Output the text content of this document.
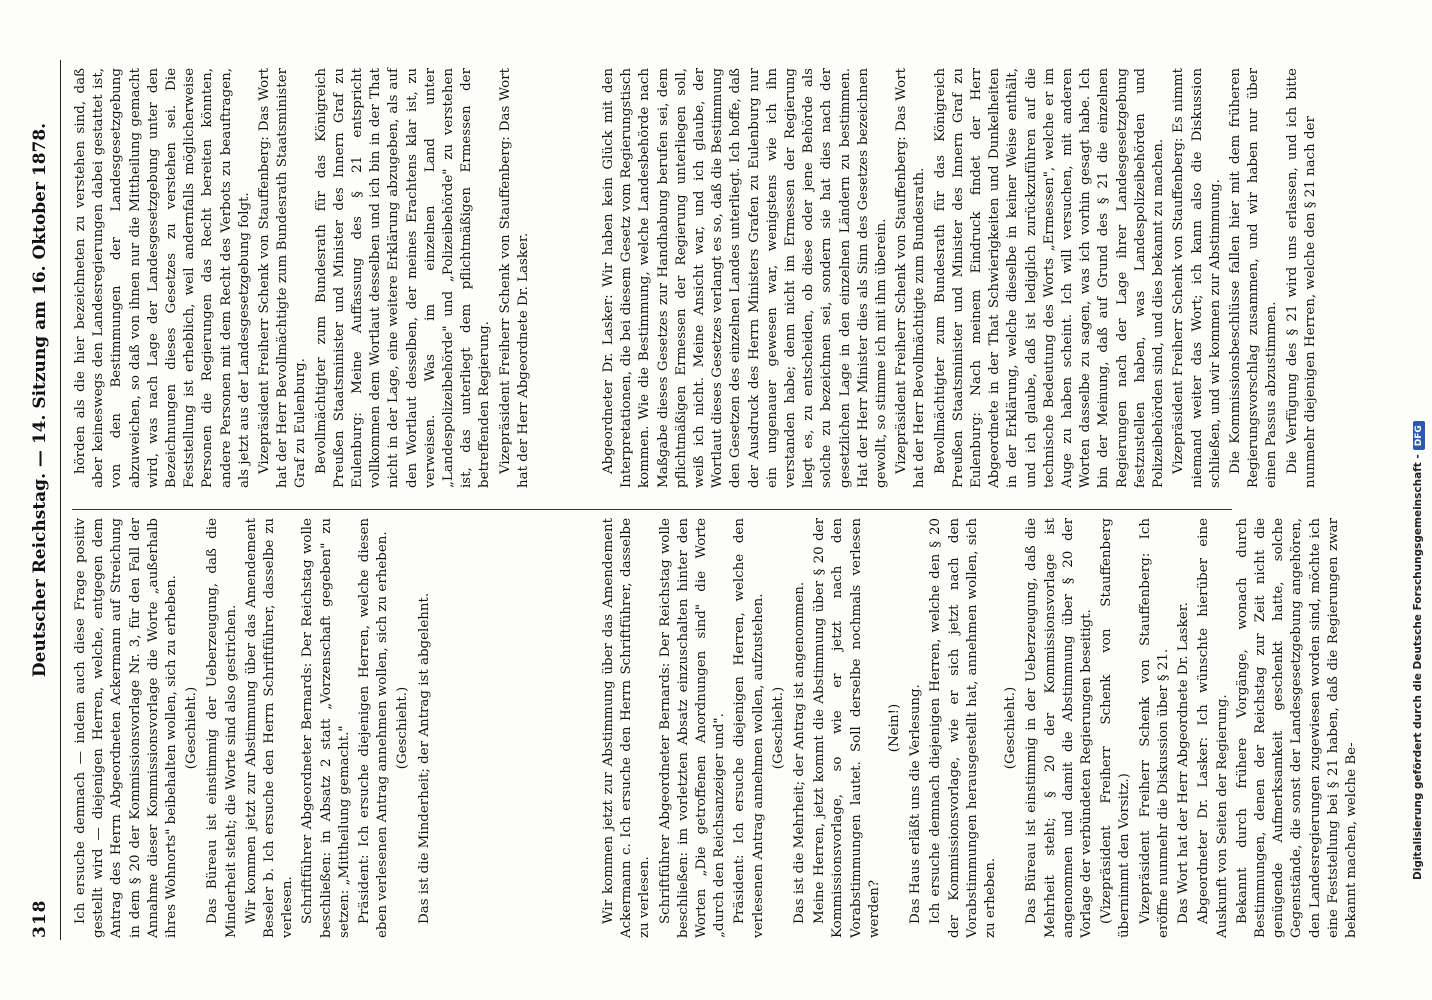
318
Deutscher Reichstag. — 14. Sitzung am 16. Oktober 1878.

Ich ersuche demnach — indem auch diese Frage positiv gestellt wird — diejenigen Herren, welche, entgegen dem Antrag des Herrn Abgeordneten Ackermann auf Streichung in dem § 20 der Kommissionsvorlage Nr. 3, für den Fall der Annahme dieser Kommissionsvorlage die Worte „außerhalb ihres Wohnorts" beibehalten wollen, sich zu erheben. (Geschieht.) Das Büreau ist einstimmig der Ueberzeugung, daß die Minderheit steht; die Worte sind also gestrichen. Wir kommen jetzt zur Abstimmung über das Amendement Beseler b. Ich ersuche den Herrn Schriftführer, dasselbe zu verlesen. Schriftführer Abgeordneter Bernards: Der Reichstag wolle beschließen: in Absatz 2 statt „Vorzenschaft gegeben" zu setzen: „Mittheilung gemacht." Präsident: Ich ersuche diejenigen Herren, welche diesen eben verlesenen Antrag annehmen wollen, sich zu erheben. (Geschieht.) Das ist die Minderheit; der Antrag ist abgelehnt.	Wir kommen jetzt zur Abstimmung über das Amendement Ackermann c. Ich ersuche den Herrn Schriftführer, dasselbe zu verlesen. Schriftführer Abgeordneter Bernards: Der Reichstag wolle beschließen: im vorletzten Absatz einzuschalten hinter den Worten „Die getroffenen Anordnungen sind" die Worte „durch den Reichsanzeiger und". Präsident: Ich ersuche diejenigen Herren, welche den verlesenen Antrag annehmen wollen, aufzustehen. (Geschieht.) Das ist die Mehrheit; der Antrag ist angenommen. Meine Herren, jetzt kommt die Abstimmung über § 20 der Kommissionsvorlage, so wie er jetzt nach den Vorabstimmungen lautet. Soll derselbe nochmals verlesen werden?

(Nein!) Das Haus erläßt uns die Verlesung. Ich ersuche demnach diejenigen Herren, welche den § 20 der Kommissionsvorlage, wie er sich jetzt nach den Vorabstimmungen herausgestellt hat, annehmen wollen, sich zu erheben.

(Geschieht.) Das Büreau ist einstimmig in der Ueberzeugung, daß die Mehrheit steht; § 20 der Kommissionsvorlage ist angenommen und damit die Abstimmung über § 20 der Vorlage der verbündeten Regierungen beseitigt. (Vizepräsident Freiherr Schenk von Stauffenberg übernimmt den Vorsitz.) Vizepräsident Freiherr Schenk von Stauffenberg: Ich eröffne nunmehr die Diskussion über § 21. Das Wort hat der Herr Abgeordnete Dr. Lasker. Abgeordneter Dr. Lasker: Ich wünschte hierüber eine Auskunft von Seiten der Regierung. Bekannt durch frühere Vorgänge, wonach durch Bestimmungen, denen der Reichstag zur Zeit nicht die genügende Aufmerksamkeit geschenkt hatte, solche Gegenstände, die sonst der Landesgesetzgebung angehören, den Landesregierungen zugewiesen worden sind, möchte ich eine Feststellung bei § 21 haben, daß die Regierungen zwar bekannt machen, welche Be-

hörden als die hier bezeichneten zu verstehen sind, daß aber keineswegs den Landesregierungen dabei gestattet ist, von den Bestimmungen der Landesgesetzgebung abzuweichen, so daß von ihnen nur die Mittheilung gemacht wird, was nach Lage der Landesgesetzgebung unter den Bezeichnungen dieses Gesetzes zu verstehen sei. Die Feststellung ist erheblich, weil andernfalls möglicherweise Personen die Regierungen das Recht bereiten könnten, andere Personen mit dem Recht des Verbots zu beauftragen, als jetzt aus der Landesgesetzgebung folgt. Vizepräsident Freiherr Schenk von Stauffenberg: Das Wort hat der Herr Bevollmächtigte zum Bundesrath Staatsminister Graf zu Eulenburg. Bevollmächtigter zum Bundesrath für das Königreich Preußen Staatsminister und Minister des Innern Graf zu Eulenburg: Meine Auffassung des § 21 entspricht vollkommen dem Wortlaut desselben und ich bin in der That nicht in der Lage, eine weitere Erklärung abzugeben, als auf den Wortlaut desselben, der meines Erachtens klar ist, zu verweisen. Was im einzelnen Land unter „Landespolizeibehörde" und „Polizeibehörde" zu verstehen ist, das unterliegt dem pflichtmäßigen Ermessen der betreffenden Regierung. Vizepräsident Freiherr Schenk von Stauffenberg: Das Wort hat der Herr Abgeordnete Dr. Lasker.	Abgeordneter Dr. Lasker: Wir haben kein Glück mit den Interpretationen, die bei diesem Gesetz vom Regierungstisch kommen. Wie die Bestimmung, welche Landesbehörde nach Maßgabe dieses Gesetzes zur Handhabung berufen sei, dem pflichtmäßigen Ermessen der Regierung unterliegen soll, weiß ich nicht. Meine Ansicht war, und ich glaube, der Wortlaut dieses Gesetzes verlangt es so, daß die Bestimmung den Gesetzen des einzelnen Landes unterliegt. Ich hoffe, daß der Ausdruck des Herrn Ministers Grafen zu Eulenburg nur ein ungenauer gewesen war, wenigstens wie ich ihn verstanden habe; denn nicht im Ermessen der Regierung liegt es, zu entscheiden, ob diese oder jene Behörde als solche zu bezeichnen sei, sondern sie hat dies nach der gesetzlichen Lage in den einzelnen Ländern zu bestimmen. Hat der Herr Minister dies als Sinn des Gesetzes bezeichnen gewollt, so stimme ich mit ihm überein. Vizepräsident Freiherr Schenk von Stauffenberg: Das Wort hat der Herr Bevollmächtigte zum Bundesrath. Bevollmächtigter zum Bundesrath für das Königreich Preußen Staatsminister und Minister des Innern Graf zu Eulenburg: Nach meinem Eindruck findet der Herr Abgeordnete in der That Schwierigkeiten und Dunkelheiten in der Erklärung, welche dieselbe in keiner Weise enthält, und ich glaube, daß ist lediglich zurückzuführen auf die technische Bedeutung des Worts „Ermessen", welche er im Auge zu haben scheint. Ich will versuchen, mit anderen Worten dasselbe zu sagen, was ich vorhin gesagt habe. Ich bin der Meinung, daß auf Grund des § 21 die einzelnen Regierungen nach der Lage ihrer Landesgesetzgebung festzustellen haben, was Landespolizeibehörden und Polizeibehörden sind, und dies bekannt zu machen. Vizepräsident Freiherr Schenk von Stauffenberg: Es nimmt niemand weiter das Wort; ich kann also die Diskussion schließen, und wir kommen zur Abstimmung. Die Kommissionsbeschlüsse fallen hier mit dem früheren Regierungsvorschlag zusammen, und wir haben nur über einen Passus abzustimmen. Die Verfügung des § 21 wird uns erlassen, und ich bitte nunmehr diejenigen Herren, welche den § 21 nach der

Digitalisierung gefördert durch die Deutsche Forschungsgemeinschaft -DFG
